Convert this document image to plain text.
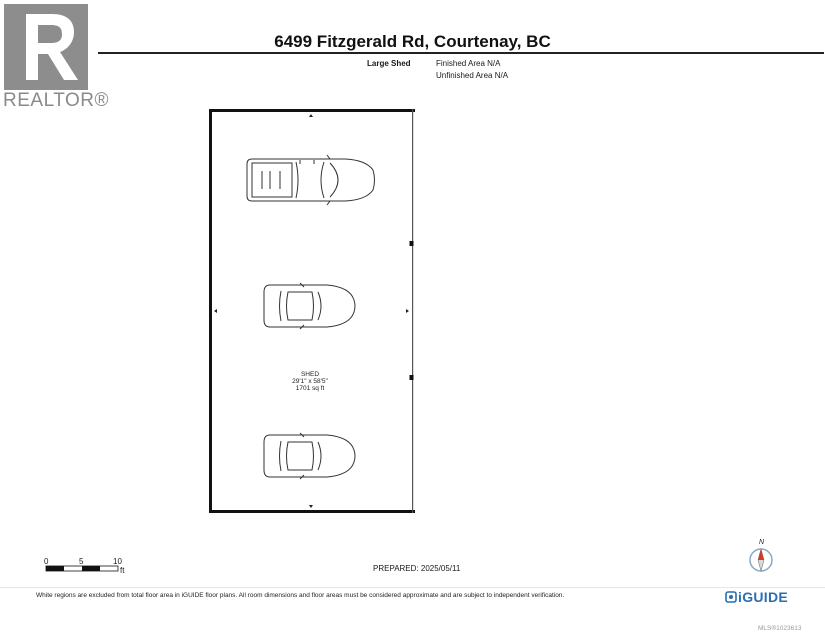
REALTOR®
6499 Fitzgerald Rd, Courtenay, BC
Large Shed	Finished Area N/A
Unfinished Area N/A
N
SHED
29'1" x 58'5"
1701 sq ft
0	5	10
ft	PREPARED: 2025/05/11
White regions are excluded from total floor area in iGUIDE floor plans. All room dimensions and floor areas must be considered approximate and are subject to independent verification.	iGUIDE
MLS®1023613
